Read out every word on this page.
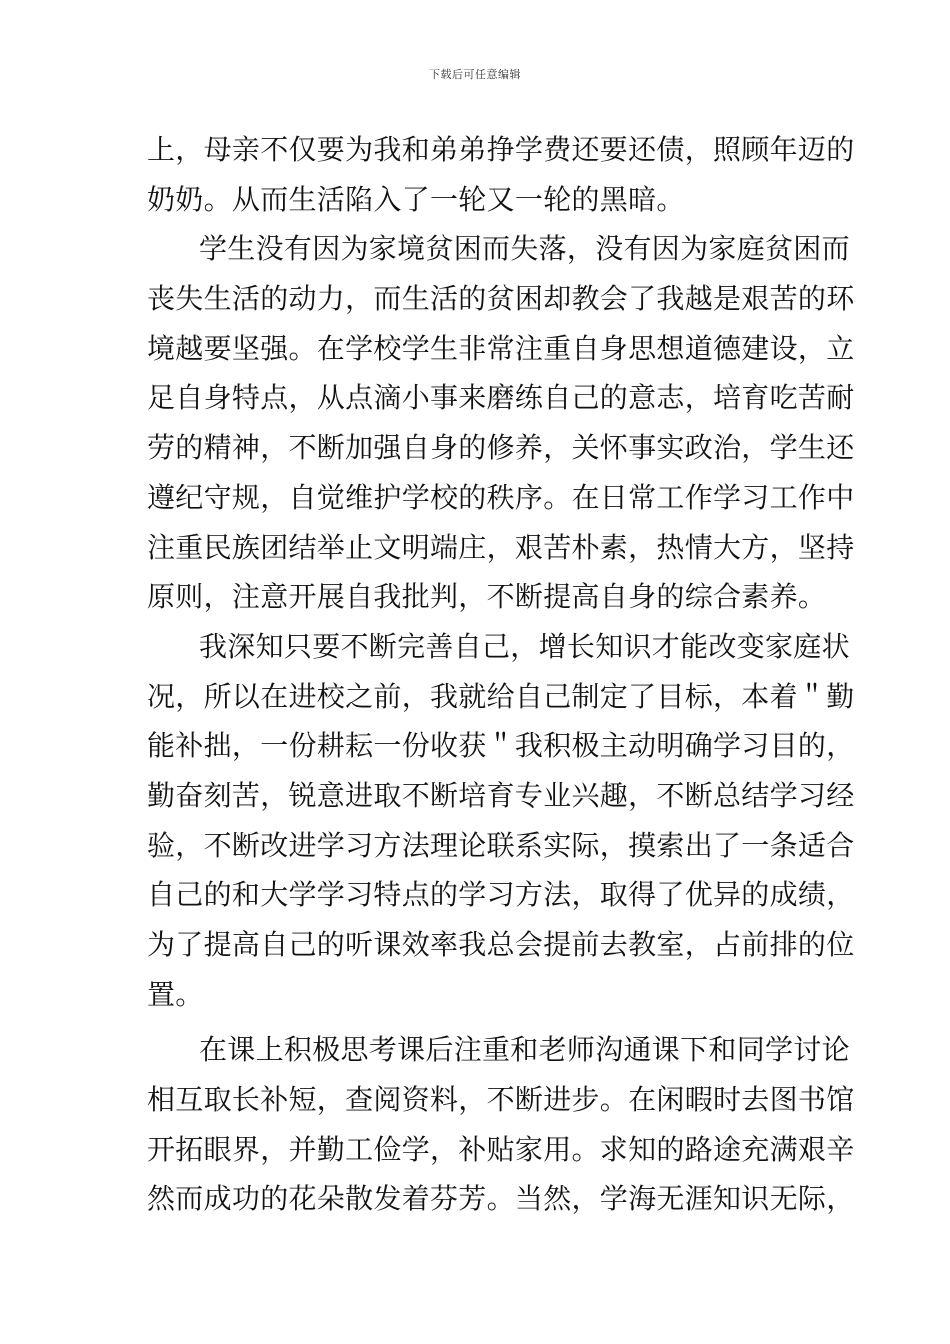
下载后可任意编辑
上，母亲不仅要为我和弟弟挣学费还要还债，照顾年迈的
奶奶。从而生活陷入了一轮又一轮的黑暗。
学生没有因为家境贫困而失落，没有因为家庭贫困而
丧失生活的动力，而生活的贫困却教会了我越是艰苦的环
境越要坚强。在学校学生非常注重自身思想道德建设，立
足自身特点，从点滴小事来磨练自己的意志，培育吃苦耐
劳的精神，不断加强自身的修养，关怀事实政治，学生还
遵纪守规，自觉维护学校的秩序。在日常工作学习工作中
注重民族团结举止文明端庄，艰苦朴素，热情大方，坚持
原则，注意开展自我批判，不断提高自身的综合素养。
我深知只要不断完善自己，增长知识才能改变家庭状
况，所以在进校之前，我就给自己制定了目标，本着＂勤
能补拙，一份耕耘一份收获＂我积极主动明确学习目的，
勤奋刻苦，锐意进取不断培育专业兴趣，不断总结学习经
验，不断改进学习方法理论联系实际，摸索出了一条适合
自己的和大学学习特点的学习方法，取得了优异的成绩，
为了提高自己的听课效率我总会提前去教室，占前排的位
置。
在课上积极思考课后注重和老师沟通课下和同学讨论
相互取长补短，查阅资料，不断进步。在闲暇时去图书馆
开拓眼界，并勤工俭学，补贴家用。求知的路途充满艰辛
然而成功的花朵散发着芬芳。当然，学海无涯知识无际，
